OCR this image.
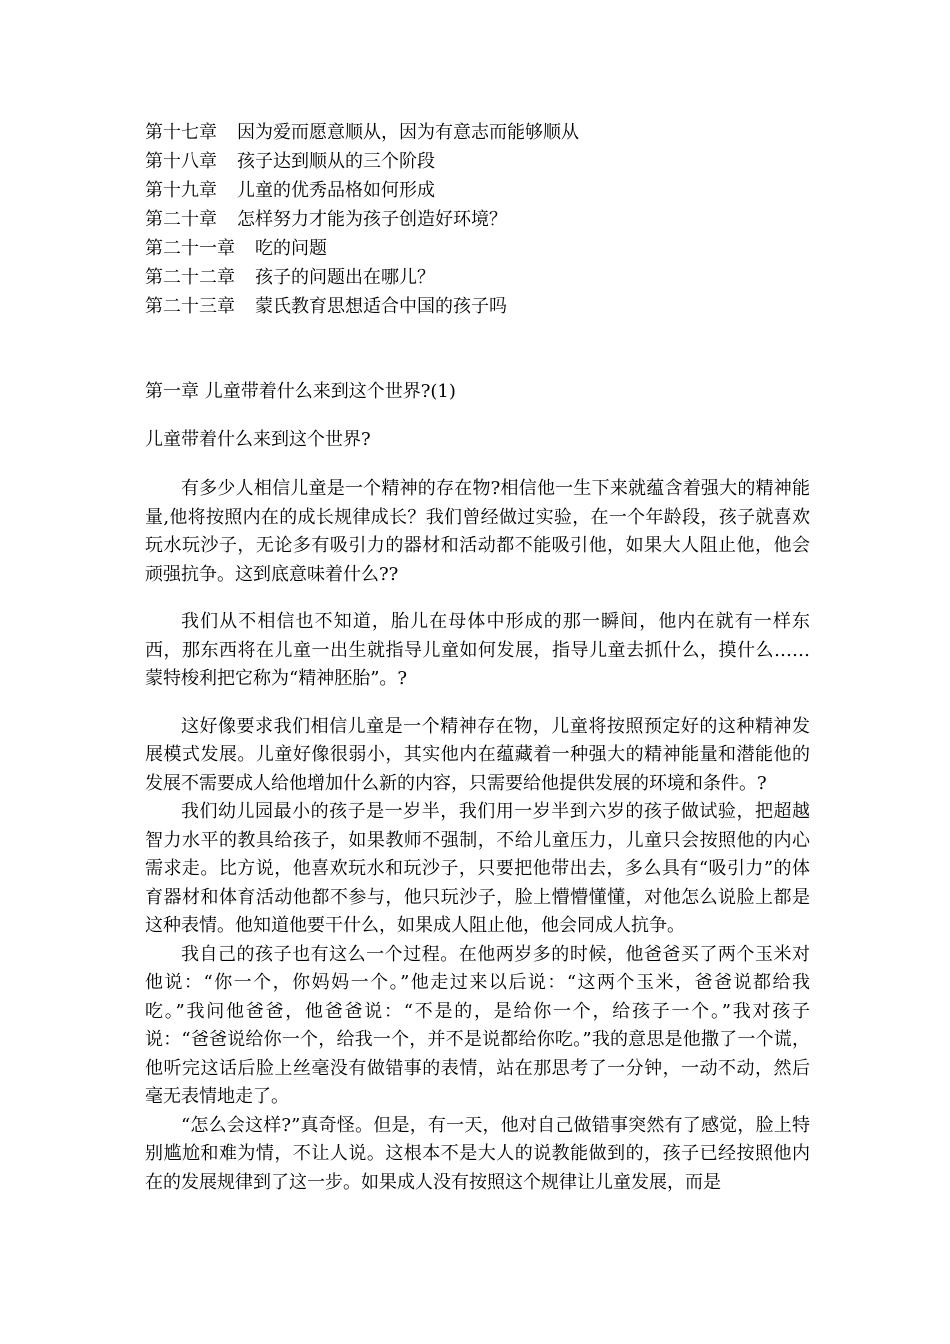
第十七章 因为爱而愿意顺从，因为有意志而能够顺从
第十八章 孩子达到顺从的三个阶段
第十九章 儿童的优秀品格如何形成
第二十章 怎样努力才能为孩子创造好环境？
第二十一章 吃的问题
第二十二章 孩子的问题出在哪儿？
第二十三章 蒙氏教育思想适合中国的孩子吗

第一章 儿童带着什么来到这个世界?(1)

儿童带着什么来到这个世界?

有多少人相信儿童是一个精神的存在物?相信他一生下来就蕴含着强大的精神能量,他将按照内在的成长规律成长？我们曾经做过实验，在一个年龄段，孩子就喜欢玩水玩沙子，无论多有吸引力的器材和活动都不能吸引他，如果大人阻止他，他会顽强抗争。这到底意味着什么??

我们从不相信也不知道，胎儿在母体中形成的那一瞬间，他内在就有一样东西，那东西将在儿童一出生就指导儿童如何发展，指导儿童去抓什么，摸什么……蒙特梭利把它称为“精神胚胎”。?

这好像要求我们相信儿童是一个精神存在物，儿童将按照预定好的这种精神发展模式发展。儿童好像很弱小，其实他内在蕴藏着一种强大的精神能量和潜能他的发展不需要成人给他增加什么新的内容，只需要给他提供发展的环境和条件。?

我们幼儿园最小的孩子是一岁半，我们用一岁半到六岁的孩子做试验，把超越智力水平的教具给孩子，如果教师不强制，不给儿童压力，儿童只会按照他的内心需求走。比方说，他喜欢玩水和玩沙子，只要把他带出去，多么具有“吸引力”的体育器材和体育活动他都不参与，他只玩沙子，脸上懵懵懂懂，对他怎么说脸上都是这种表情。他知道他要干什么，如果成人阻止他，他会同成人抗争。

我自己的孩子也有这么一个过程。在他两岁多的时候，他爸爸买了两个玉米对他说：“你一个，你妈妈一个。”他走过来以后说：“这两个玉米，爸爸说都给我吃。”我问他爸爸，他爸爸说：“不是的，是给你一个，给孩子一个。”我对孩子说：“爸爸说给你一个，给我一个，并不是说都给你吃。”我的意思是他撒了一个谎，他听完这话后脸上丝毫没有做错事的表情，站在那思考了一分钟，一动不动，然后毫无表情地走了。

“怎么会这样?”真奇怪。但是，有一天，他对自己做错事突然有了感觉，脸上特别尴尬和难为情，不让人说。这根本不是大人的说教能做到的，孩子已经按照他内在的发展规律到了这一步。如果成人没有按照这个规律让儿童发展，而是
